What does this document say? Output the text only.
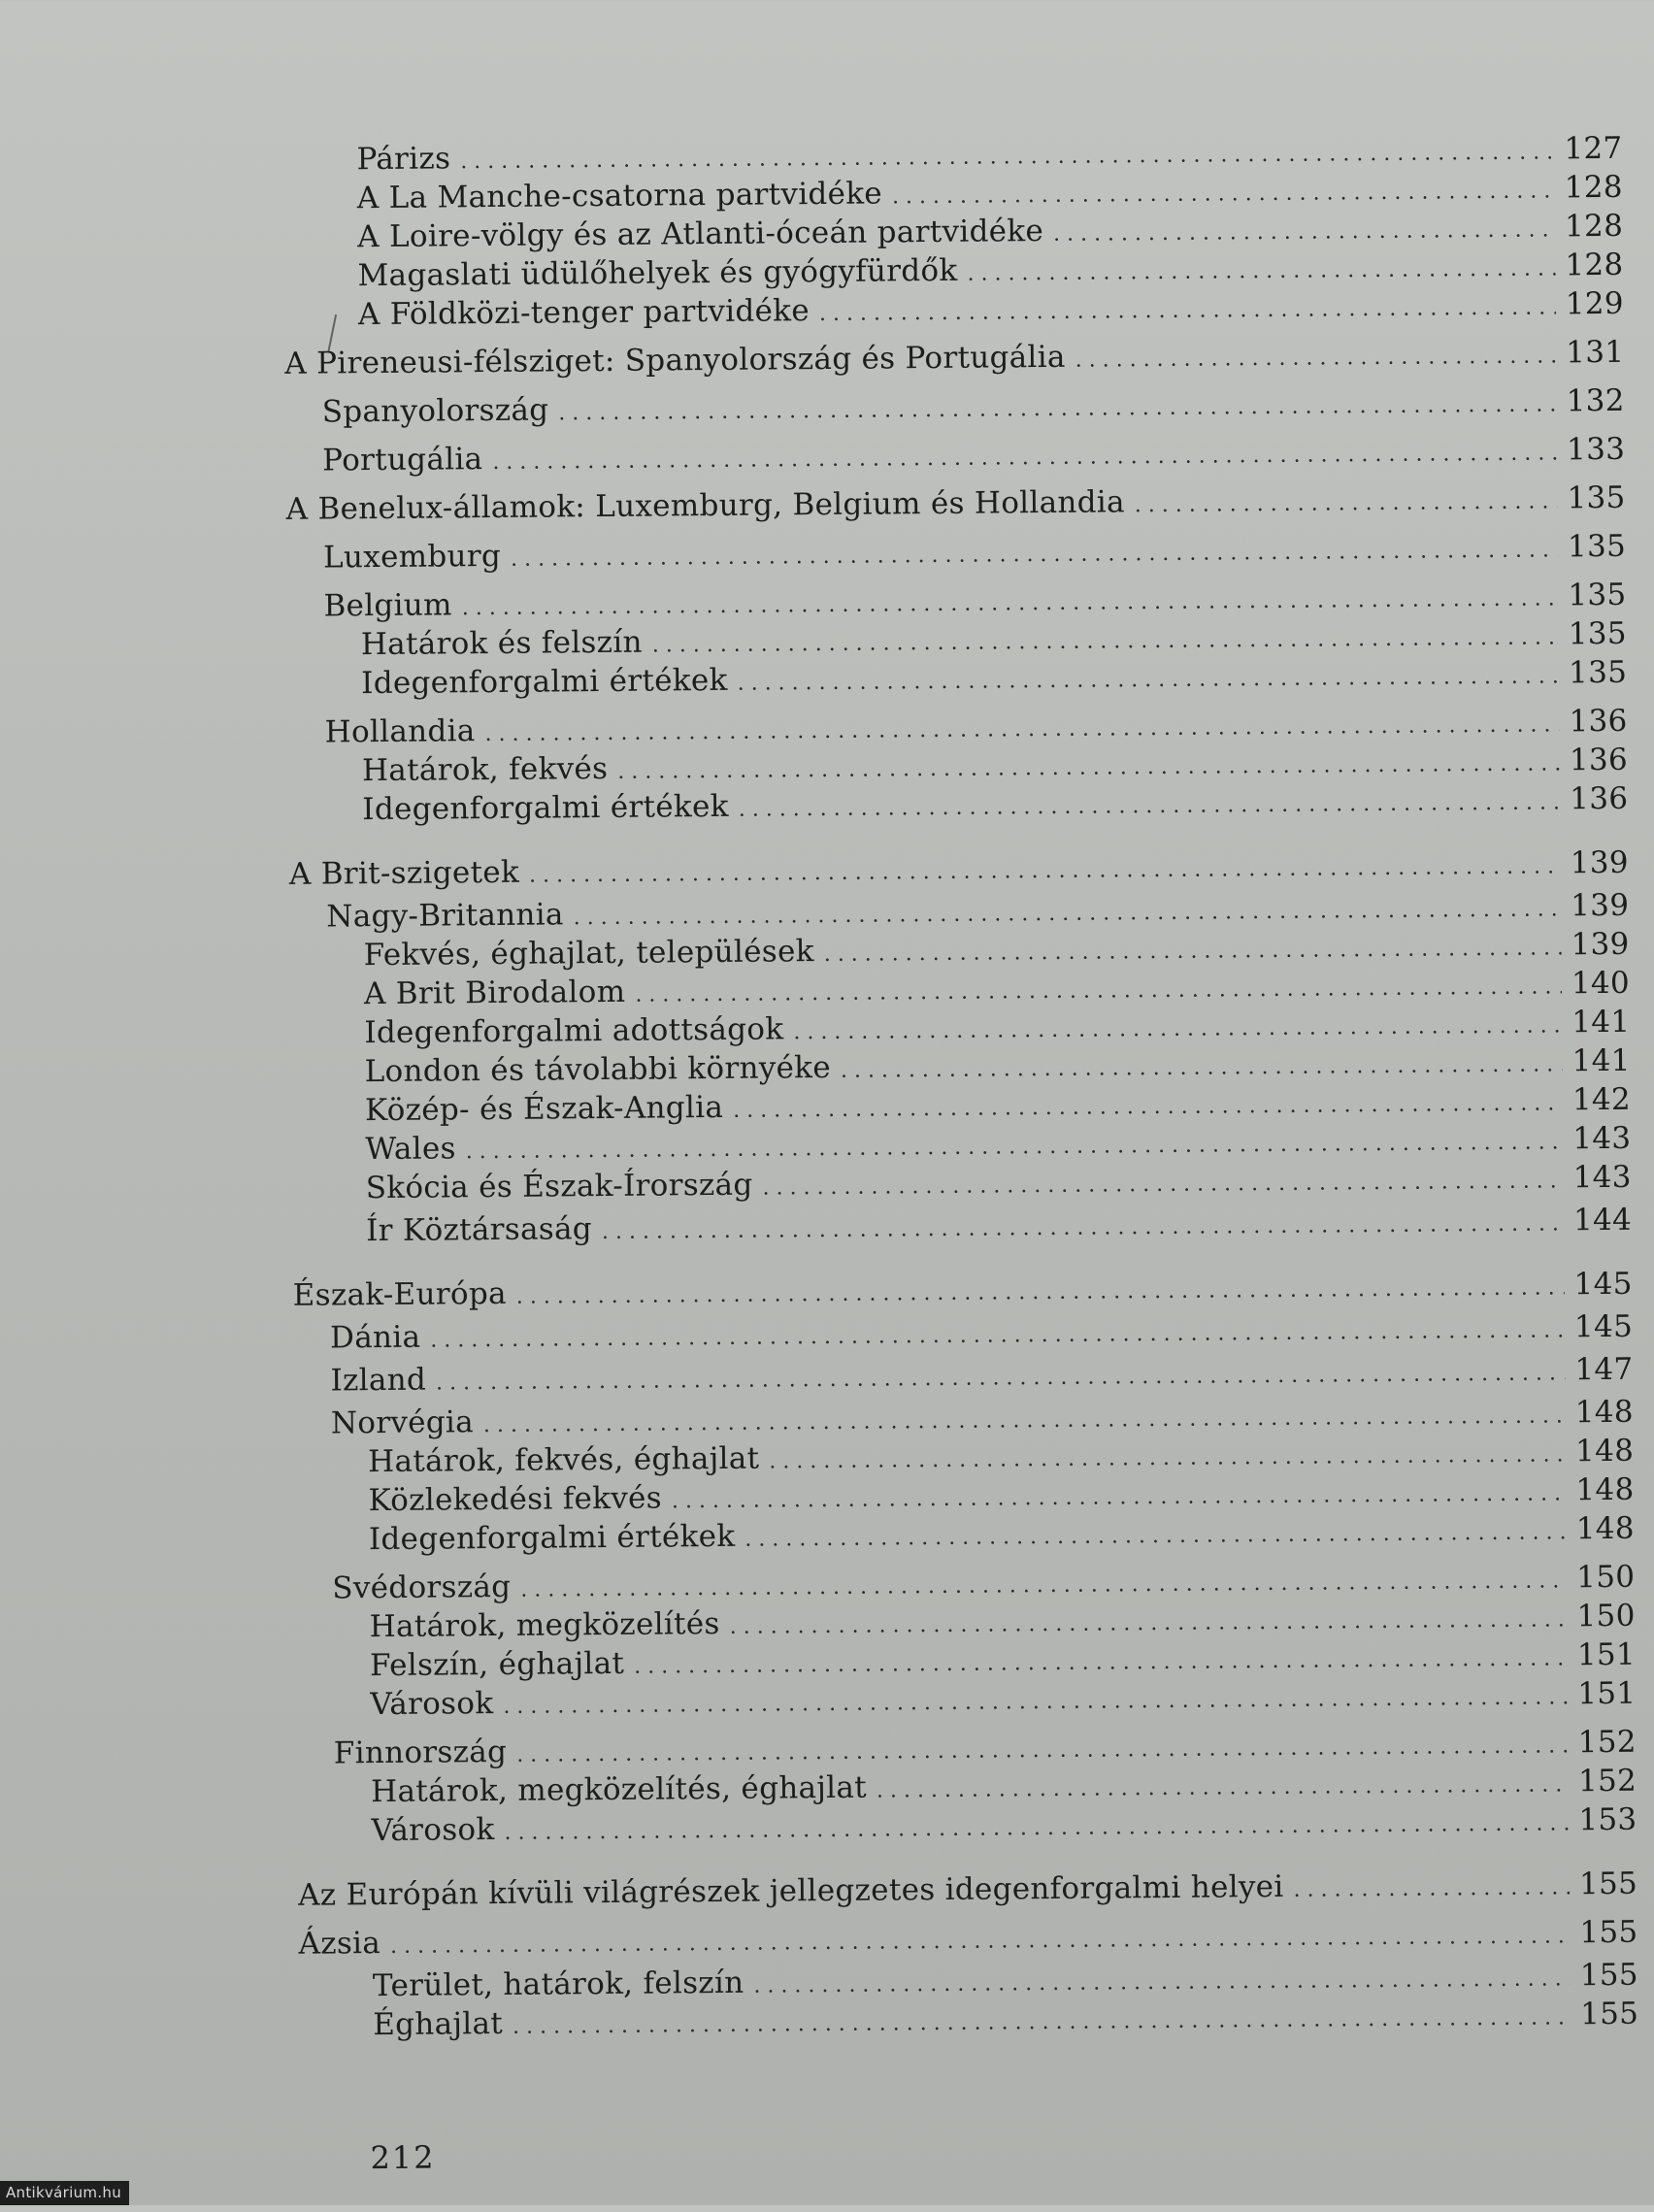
Párizs . . .	127
A La Manche-csatorna partvidéke . . .	128
A Loire-völgy és az Atlanti-óceán partvidéke . . .	128
Magaslati üdülőhelyek és gyógyfürdők . . .	128
A Földközi-tenger partvidéke . . .	129
A Pireneusi-félsziget: Spanyolország és Portugália . . .	131
Spanyolország . . .	132
Portugália . . .	133
A Benelux-államok: Luxemburg, Belgium és Hollandia . . .	135
Luxemburg . . .	135
Belgium . . .	135
Határok és felszín . . .	135
Idegenforgalmi értékek . . .	135
Hollandia . . .	136
Határok, fekvés . . .	136
Idegenforgalmi értékek . . .	136
A Brit-szigetek . . .	139
Nagy-Britannia . . .	139
Fekvés, éghajlat, települések . . .	139
A Brit Birodalom . . .	140
Idegenforgalmi adottságok . . .	141
London és távolabbi környéke . . .	141
Közép- és Észak-Anglia . . .	142
Wales . . .	143
Skócia és Észak-Írország . . .	143
Ír Köztársaság . . .	144
Észak-Európa . . .	145
Dánia . . .	145
Izland . . .	147
Norvégia . . .	148
Határok, fekvés, éghajlat . . .	148
Közlekedési fekvés . . .	148
Idegenforgalmi értékek . . .	148
Svédország . . .	150
Határok, megközelítés . . .	150
Felszín, éghajlat . . .	151
Városok . . .	151
Finnország . . .	152
Határok, megközelítés, éghajlat . . .	152
Városok . . .	153
Az Európán kívüli világrészek jellegzetes idegenforgalmi helyei . . .	155
Ázsia . . .	155
Terület, határok, felszín . . .	155
Éghajlat . . .	155
212
Antikvárium.hu
